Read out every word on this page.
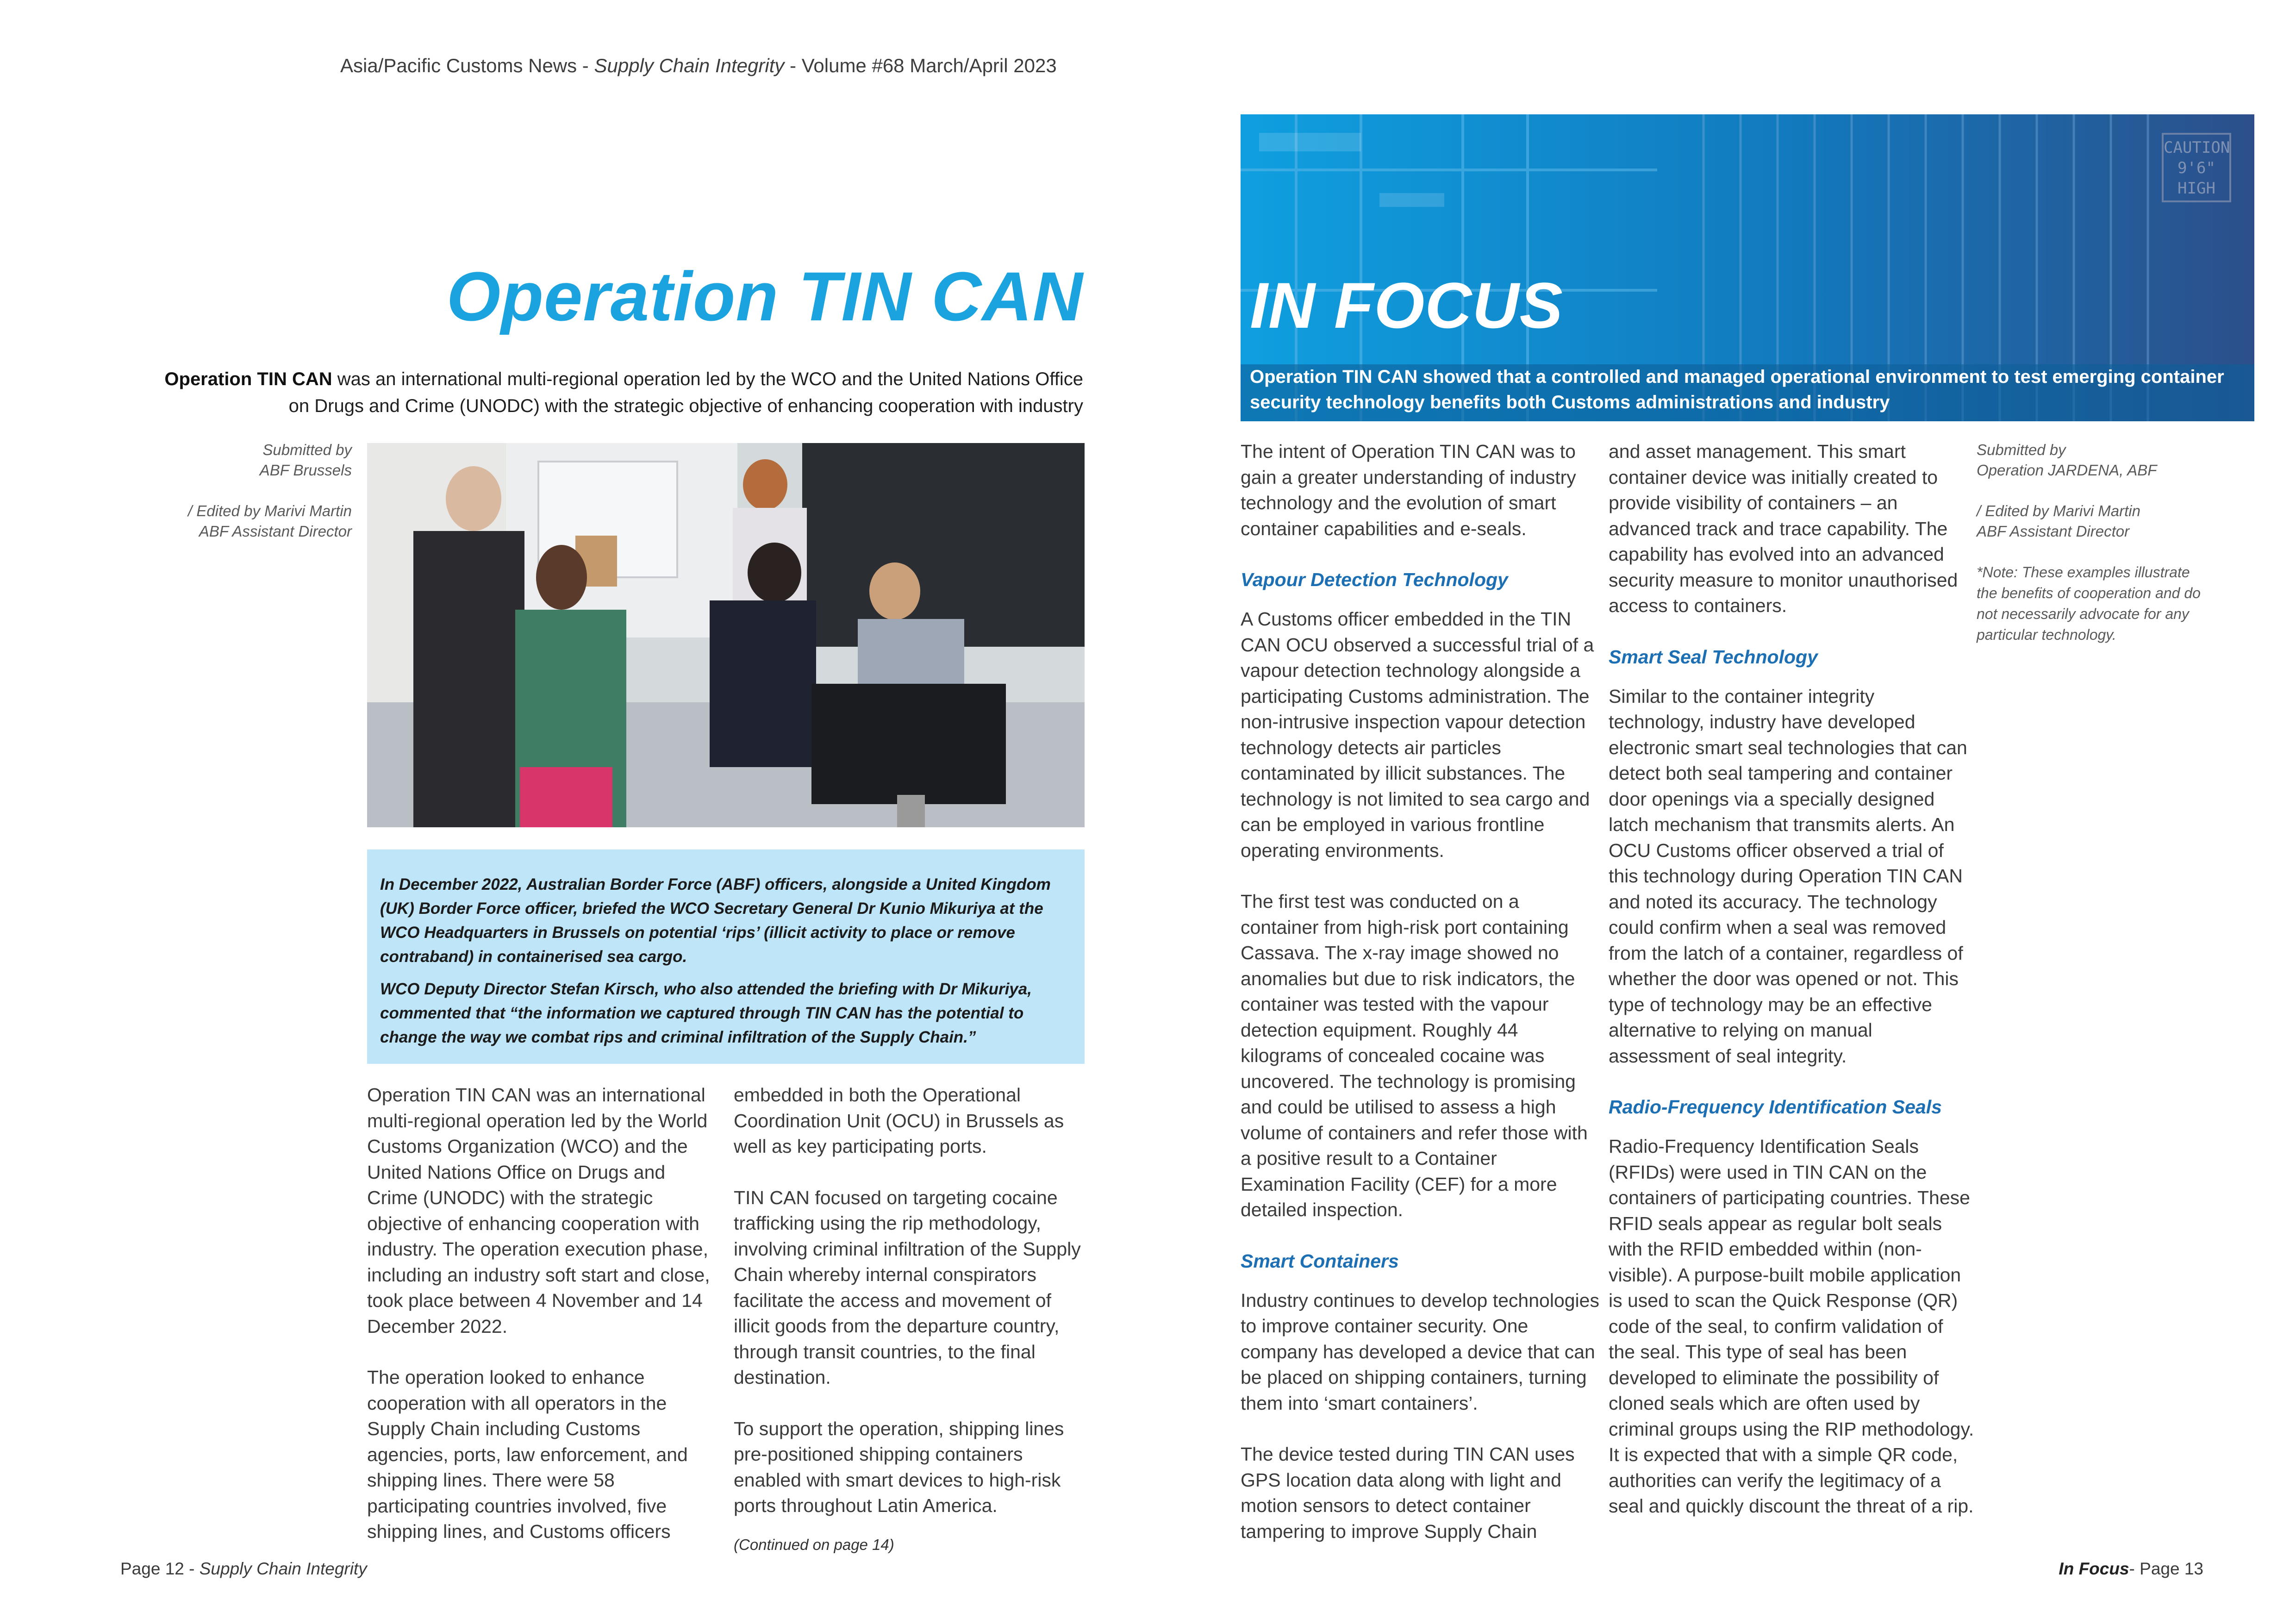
Asia/Pacific Customs News - Supply Chain Integrity - Volume #68 March/April 2023
Operation TIN CAN
Operation TIN CAN was an international multi-regional operation led by the WCO and the United Nations Office on Drugs and Crime (UNODC) with the strategic objective of enhancing cooperation with industry

Submitted by
ABF Brussels

/ Edited by Marivi Martin
ABF Assistant Director

In December 2022, Australian Border Force (ABF) officers, alongside a United Kingdom (UK) Border Force officer, briefed the WCO Secretary General Dr Kunio Mikuriya at the WCO Headquarters in Brussels on potential ‘rips’ (illicit activity to place or remove contraband) in containerised sea cargo.

WCO Deputy Director Stefan Kirsch, who also attended the briefing with Dr Mikuriya, commented that “the information we captured through TIN CAN has the potential to change the way we combat rips and criminal infiltration of the Supply Chain.”

Operation TIN CAN was an international multi-regional operation led by the World Customs Organization (WCO) and the United Nations Office on Drugs and Crime (UNODC) with the strategic objective of enhancing cooperation with industry. The operation execution phase, including an industry soft start and close, took place between 4 November and 14 December 2022.

The operation looked to enhance cooperation with all operators in the Supply Chain including Customs agencies, ports, law enforcement, and shipping lines. There were 58 participating countries involved, five shipping lines, and Customs officers

embedded in both the Operational Coordination Unit (OCU) in Brussels as well as key participating ports.

TIN CAN focused on targeting cocaine trafficking using the rip methodology, involving criminal infiltration of the Supply Chain whereby internal conspirators facilitate the access and movement of illicit goods from the departure country, through transit countries, to the final destination.

To support the operation, shipping lines pre-positioned shipping containers enabled with smart devices to high-risk ports throughout Latin America.

(Continued on page 14)
Page 12 - Supply Chain Integrity
CAUTION
9'6"
HIGH
IN FOCUS
Operation TIN CAN showed that a controlled and managed operational environment to test emerging container security technology benefits both Customs administrations and industry

The intent of Operation TIN CAN was to gain a greater understanding of industry technology and the evolution of smart container capabilities and e-seals.

Vapour Detection Technology

A Customs officer embedded in the TIN CAN OCU observed a successful trial of a vapour detection technology alongside a participating Customs administration. The non-intrusive inspection vapour detection technology detects air particles contaminated by illicit substances. The technology is not limited to sea cargo and can be employed in various frontline operating environments.

The first test was conducted on a container from high-risk port containing Cassava. The x-ray image showed no anomalies but due to risk indicators, the container was tested with the vapour detection equipment. Roughly 44 kilograms of concealed cocaine was uncovered. The technology is promising and could be utilised to assess a high volume of containers and refer those with a positive result to a Container Examination Facility (CEF) for a more detailed inspection.

Smart Containers

Industry continues to develop technologies to improve container security. One company has developed a device that can be placed on shipping containers, turning them into ‘smart containers’.

The device tested during TIN CAN uses GPS location data along with light and motion sensors to detect container tampering to improve Supply Chain

and asset management. This smart container device was initially created to provide visibility of containers – an advanced track and trace capability. The capability has evolved into an advanced security measure to monitor unauthorised access to containers.

Smart Seal Technology

Similar to the container integrity technology, industry have developed electronic smart seal technologies that can detect both seal tampering and container door openings via a specially designed latch mechanism that transmits alerts. An OCU Customs officer observed a trial of this technology during Operation TIN CAN and noted its accuracy. The technology could confirm when a seal was removed from the latch of a container, regardless of whether the door was opened or not. This type of technology may be an effective alternative to relying on manual assessment of seal integrity.

Radio-Frequency Identification Seals

Radio-Frequency Identification Seals (RFIDs) were used in TIN CAN on the containers of participating countries. These RFID seals appear as regular bolt seals with the RFID embedded within (non-visible). A purpose-built mobile application is used to scan the Quick Response (QR) code of the seal, to confirm validation of the seal. This type of seal has been developed to eliminate the possibility of cloned seals which are often used by criminal groups using the RIP methodology. It is expected that with a simple QR code, authorities can verify the legitimacy of a seal and quickly discount the threat of a rip.

Submitted by
Operation JARDENA, ABF

/ Edited by Marivi Martin
ABF Assistant Director

*Note: These examples illustrate the benefits of cooperation and do not necessarily advocate for any particular technology.

In Focus- Page 13
